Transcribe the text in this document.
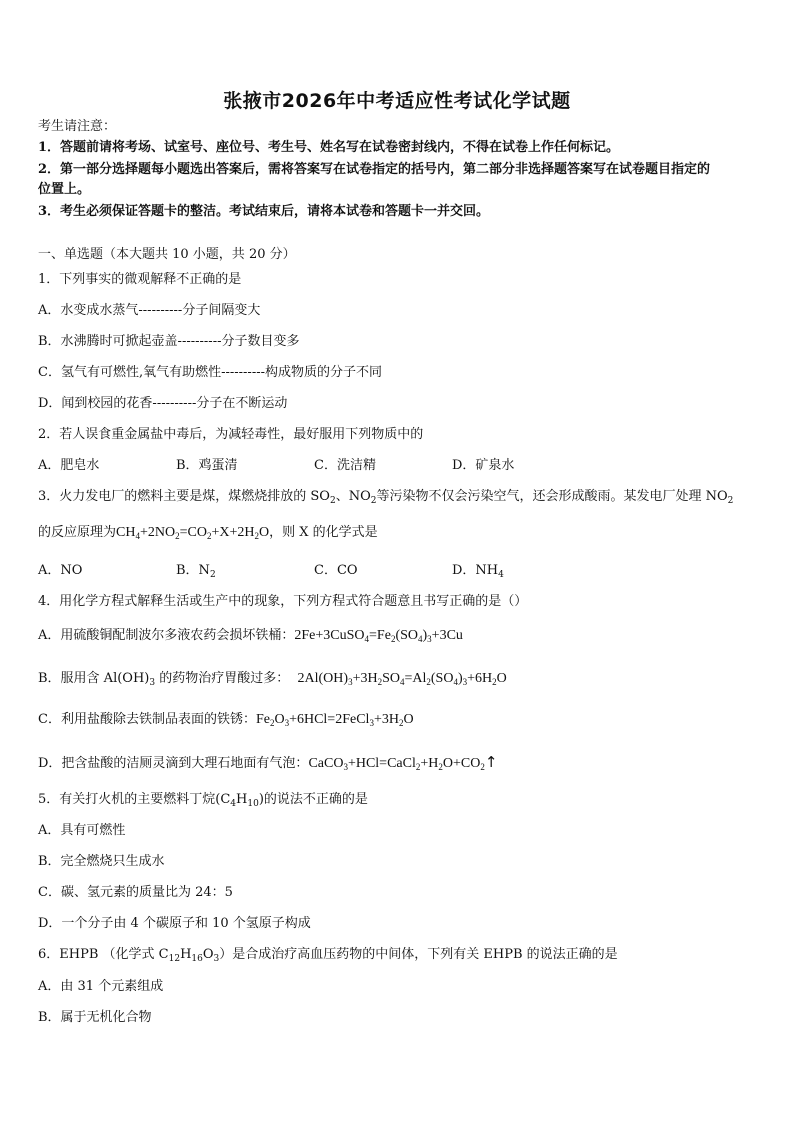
张掖市2026年中考适应性考试化学试题
考生请注意：
1．答题前请将考场、试室号、座位号、考生号、姓名写在试卷密封线内，不得在试卷上作任何标记。
2．第一部分选择题每小题选出答案后，需将答案写在试卷指定的括号内，第二部分非选择题答案写在试卷题目指定的
位置上。
3．考生必须保证答题卡的整洁。考试结束后，请将本试卷和答题卡一并交回。
一、单选题（本大题共 10 小题，共 20 分）
1．下列事实的微观解释不正确的是
A．水变成水蒸气----------分子间隔变大
B．水沸腾时可掀起壶盖----------分子数目变多
C．氢气有可燃性,氧气有助燃性----------构成物质的分子不同
D．闻到校园的花香----------分子在不断运动
2．若人误食重金属盐中毒后，为减轻毒性，最好服用下列物质中的
A．肥皂水	B．鸡蛋清	C．洗洁精	D．矿泉水
3．火力发电厂的燃料主要是煤，煤燃烧排放的 $SO_2$、$NO_2$等污染物不仅会污染空气，还会形成酸雨。某发电厂处理 $NO_2$
的反应原理为$CH_4+2NO_2=CO_2+X+2H_2O$，则 X 的化学式是
A．NO	B．$N_2$	C．CO	D．$NH_4$
4．用化学方程式解释生活或生产中的现象，下列方程式符合题意且书写正确的是（）
A．用硫酸铜配制波尔多液农药会损坏铁桶：$2Fe+3CuSO_4=Fe_2(SO_4)_3+3Cu$
B．服用含 $Al(OH)_3$ 的药物治疗胃酸过多： $2Al(OH)_3+3H_2SO_4=Al_2(SO_4)_3+6H_2O$
C．利用盐酸除去铁制品表面的铁锈：$Fe_2O_3+6HCl=2FeCl_3+3H_2O$
D．把含盐酸的洁厕灵滴到大理石地面有气泡：$CaCO_3+HCl=CaCl_2+H_2O+CO_2↑$
5．有关打火机的主要燃料丁烷$(C_4H_{10})$的说法不正确的是
A．具有可燃性
B．完全燃烧只生成水
C．碳、氢元素的质量比为 24：5
D．一个分子由 4 个碳原子和 10 个氢原子构成
6．EHPB （化学式 $C_{12}H_{16}O_3$）是合成治疗高血压药物的中间体，下列有关 EHPB 的说法正确的是
A．由 31 个元素组成
B．属于无机化合物
